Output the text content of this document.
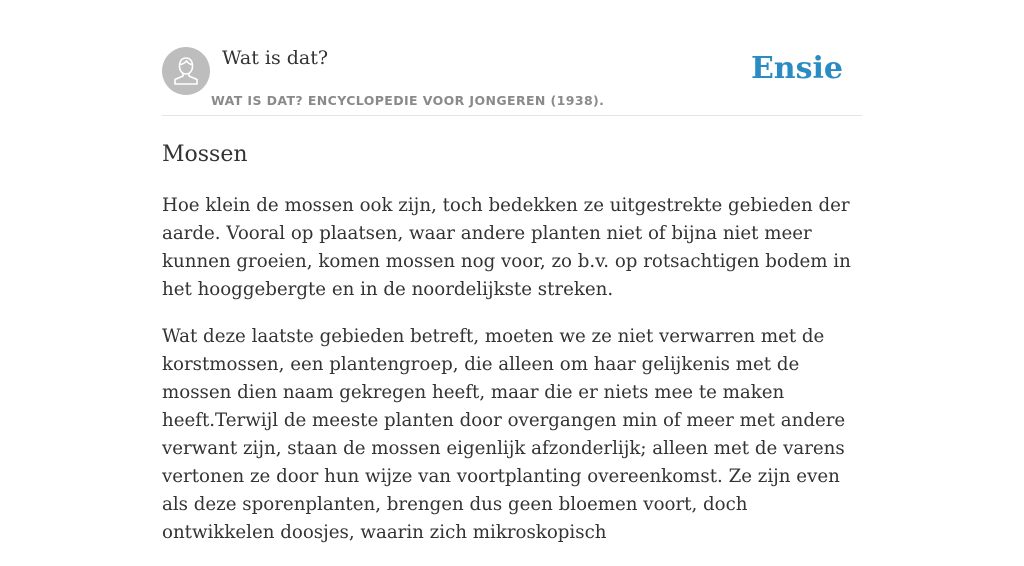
Wat is dat?
WAT IS DAT? ENCYCLOPEDIE VOOR JONGEREN (1938).
Ensie
Mossen

Hoe klein de mossen ook zijn, toch bedekken ze uitgestrekte gebieden der aarde. Vooral op plaatsen, waar andere planten niet of bijna niet meer kunnen groeien, komen mossen nog voor, zo b.v. op rotsachtigen bodem in het hooggebergte en in de noordelijkste streken.

Wat deze laatste gebieden betreft, moeten we ze niet verwarren met de korstmossen, een plantengroep, die alleen om haar gelijkenis met de mossen dien naam gekregen heeft, maar die er niets mee te maken heeft.Terwijl de meeste planten door overgangen min of meer met andere verwant zijn, staan de mossen eigenlijk afzonderlijk; alleen met de varens vertonen ze door hun wijze van voortplanting overeenkomst. Ze zijn even als deze sporenplanten, brengen dus geen bloemen voort, doch ontwikkelen doosjes, waarin zich mikroskopisch
